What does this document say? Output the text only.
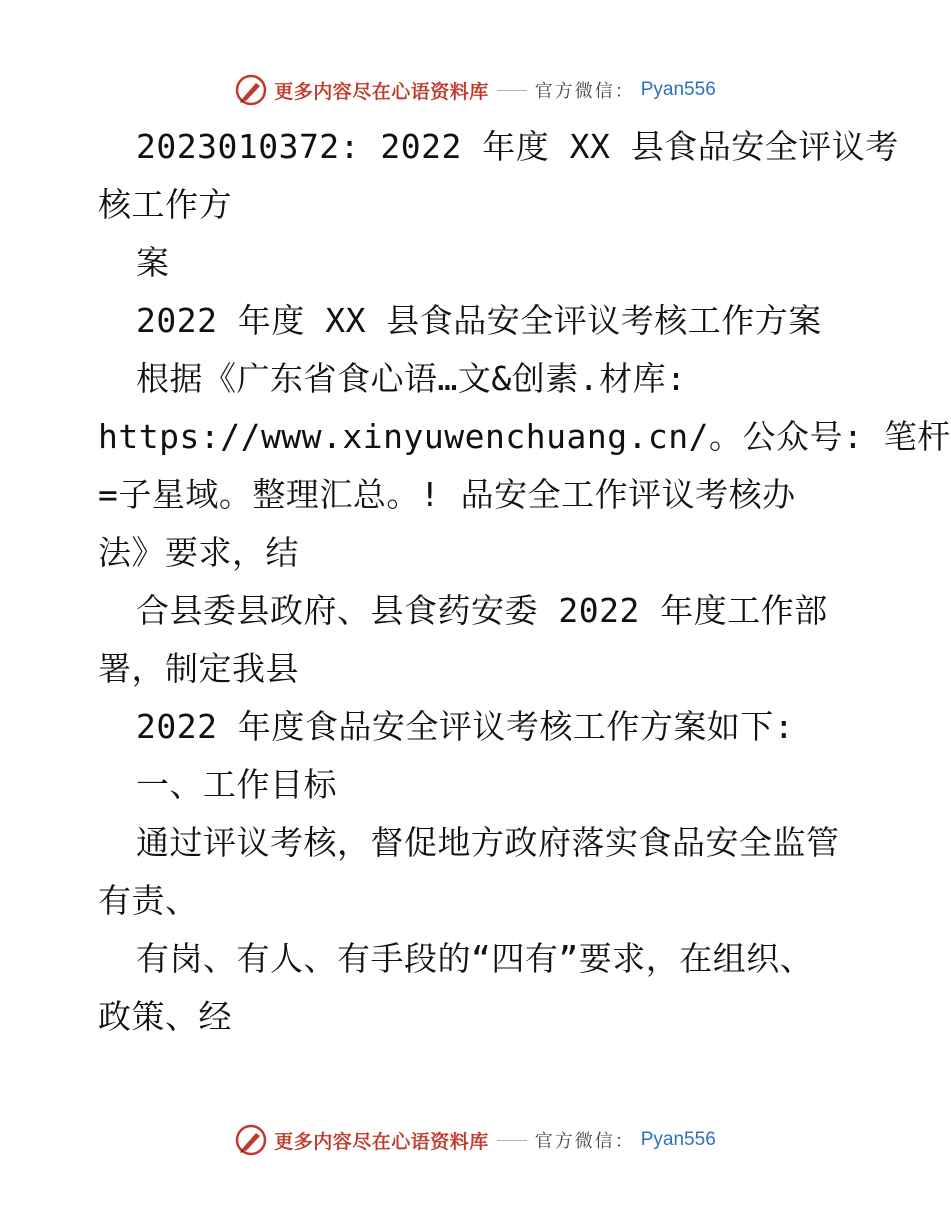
更多内容尽在心语资料库	官方微信： Pyan556
2023010372: 2022 年度 XX 县食品安全评议考
核工作方
案
2022 年度 XX 县食品安全评议考核工作方案
根据《广东省食心语…文&创素.材库:
https://www.xinyuwenchuang.cn/。公众号: 笔杆
=子星域。整理汇总。! 品安全工作评议考核办
法》要求，结
合县委县政府、县食药安委 2022 年度工作部
署，制定我县
2022 年度食品安全评议考核工作方案如下:
一、工作目标
通过评议考核，督促地方政府落实食品安全监管
有责、
有岗、有人、有手段的“四有”要求，在组织、
政策、经
更多内容尽在心语资料库	官方微信： Pyan556
